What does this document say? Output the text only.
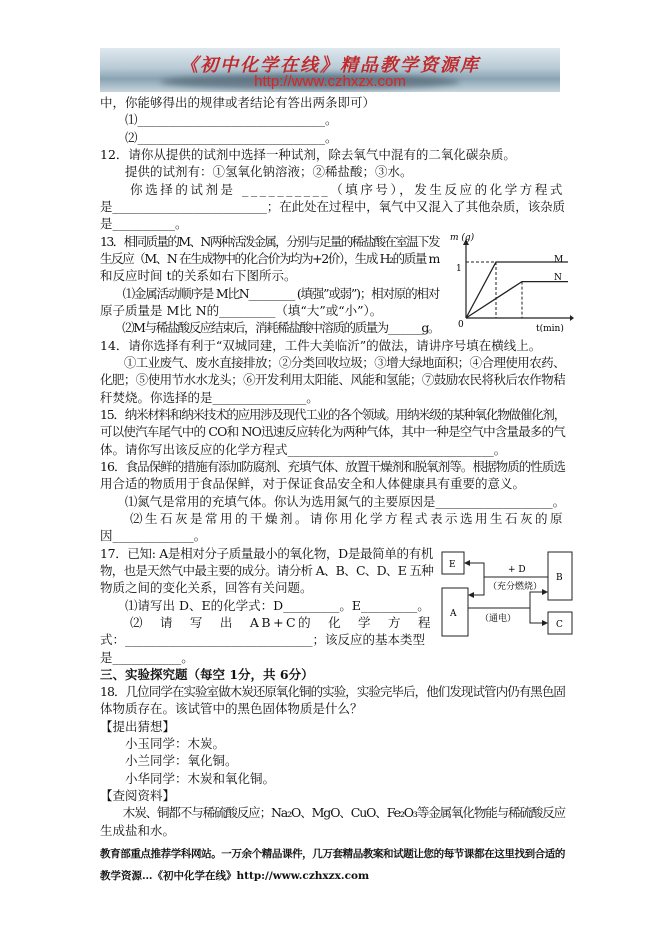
《初中化学在线》精品教学资源库
http://www.czhxzx.com
中，你能够得出的规律或者结论有答出两条即可）
　　⑴______________________________。
　　⑵______________________________。
12．请你从提供的试剂中选择一种试剂，除去氧气中混有的二氧化碳杂质。
　　提供的试剂有：①氢氧化钠溶液；②稀盐酸；③水。
　　你选择的试剂是 __________（填序号），发生反应的化学方程式
是_________________________；在此处在过程中，氧气中又混入了其他杂质，该杂质
是__________。
13．相同质量的M、N两种活泼金属，分别与足量的稀盐酸在室温下发
生反应（M、N 在生成物中的化合价为均为+2价），生成 H₂的质量 m
和反应时间 t的关系如右下图所示。
　　⑴金属活动顺序是 M比N_________ (填强”或弱”)；相对原的相对
原子质量是 M比 N的_________（填“大”或“小”）。
　　⑵M与稀盐酸反应结束后，消耗稀盐酸中溶质的质量为_______g。
14．请你选择有利于“双城同建，工件大美临沂”的做法，请讲序号填在横线上。
　　①工业废气、废水直接排放；②分类回收垃圾；③增大绿地面积；④合理使用农药、
化肥；⑤使用节水水龙头；⑥开发利用太阳能、风能和氢能；⑦鼓励农民将秋后农作物秸
秆焚烧。你选择的是_______________。
15．纳米材料和纳米技术的应用涉及现代工业的各个领域。用纳米级的某种氧化物做催化剂，
可以使汽车尾气中的 CO和 NO迅速反应转化为两种气体，其中一种是空气中含量最多的气
体。请你写出该反应的化学方程式_________________________________。
16．食品保鲜的措施有添加防腐剂、充填气体、放置干燥剂和脱氧剂等。根据物质的性质选
用合适的物质用于食品保鲜，对于保证食品安全和人体健康具有重要的意义。
　　⑴氮气是常用的充填气体。你认为选用氮气的主要原因是___________________。
　　⑵生石灰是常用的干燥剂。请你用化学方程式表示选用生石灰的原
因_____________。
17．已知: A是相对分子质量最小的氧化物，D是最简单的有机
物，也是天然气中最主要的成分。请分析 A、B、C、D、E 五种
物质之间的变化关系，回答有关问题。
　　⑴请写出 D、E的化学式：D_________。E_________。
　　⑵　请　写　出　AB+C的　化　学　方　程
式：______________________________；该反应的基本类型
是___________。
三、实验探究题（每空 1分，共 6分）
18．几位同学在实验室做木炭还原氧化铜的实验，实验完毕后，他们发现试管内仍有黑色固
体物质存在。该试管中的黑色固体物质是什么？
【提出猜想】
　　小玉同学：木炭。
　　小兰同学：氧化铜。
　　小华同学：木炭和氧化铜。
【查阅资料】
　　木炭、铜都不与稀硫酸反应；Na₂O、MgO、CuO、Fe₂O₃等金属氧化物能与稀硫酸反应
生成盐和水。
m (g)
t(min)
1
0
M
N
E
A
B
C
+ D
（充分燃烧）
（通电）
教育部重点推荐学科网站。一万余个精品课件，几万套精品教案和试题让您的每节课都在这里找到合适的
教学资源…《初中化学在线》http://www.czhxzx.com
